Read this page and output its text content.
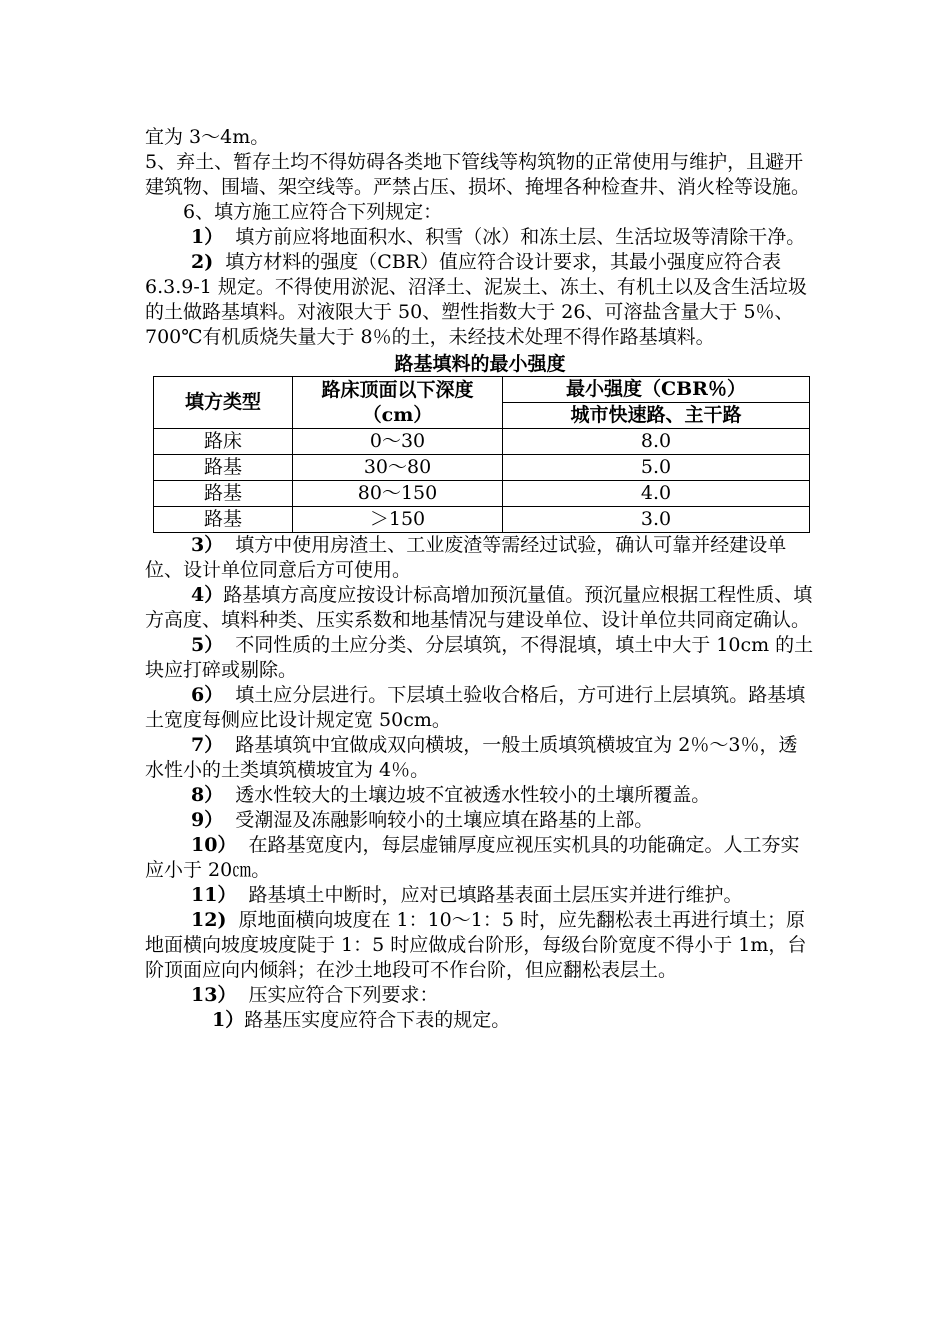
宜为 3～4m。

5、弃土、暂存土均不得妨碍各类地下管线等构筑物的正常使用与维护，且避开建筑物、围墙、架空线等。严禁占压、损坏、掩埋各种检查井、消火栓等设施。

6、填方施工应符合下列规定：

1） 填方前应将地面积水、积雪（冰）和冻土层、生活垃圾等清除干净。

2) 填方材料的强度（CBR）值应符合设计要求，其最小强度应符合表 6.3.9-1 规定。不得使用淤泥、沼泽土、泥炭土、冻土、有机土以及含生活垃圾的土做路基填料。对液限大于 50、塑性指数大于 26、可溶盐含量大于 5％、700℃有机质烧失量大于 8％的土，未经技术处理不得作路基填料。

路基填料的最小强度
填方类型	路床顶面以下深度（cm）	最小强度（CBR％）
		城市快速路、主干路
路床	0～30	8.0
路基	30～80	5.0
路基	80～150	4.0
路基	＞150	3.0

3） 填方中使用房渣土、工业废渣等需经过试验，确认可靠并经建设单位、设计单位同意后方可使用。

4）路基填方高度应按设计标高增加预沉量值。预沉量应根据工程性质、填方高度、填料种类、压实系数和地基情况与建设单位、设计单位共同商定确认。

5） 不同性质的土应分类、分层填筑，不得混填，填土中大于 10cm 的土块应打碎或剔除。

6） 填土应分层进行。下层填土验收合格后，方可进行上层填筑。路基填土宽度每侧应比设计规定宽 50cm。

7） 路基填筑中宜做成双向横坡，一般土质填筑横坡宜为 2％～3％，透水性小的土类填筑横坡宜为 4％。

8） 透水性较大的土壤边坡不宜被透水性较小的土壤所覆盖。

9） 受潮湿及冻融影响较小的土壤应填在路基的上部。

10） 在路基宽度内，每层虚铺厚度应视压实机具的功能确定。人工夯实应小于 20㎝。

11） 路基填土中断时，应对已填路基表面土层压实并进行维护。

12) 原地面横向坡度在 1：10～1：5 时，应先翻松表土再进行填土；原地面横向坡度坡度陡于 1：5 时应做成台阶形，每级台阶宽度不得小于 1m，台阶顶面应向内倾斜；在沙土地段可不作台阶，但应翻松表层土。

13） 压实应符合下列要求：

1）路基压实度应符合下表的规定。
